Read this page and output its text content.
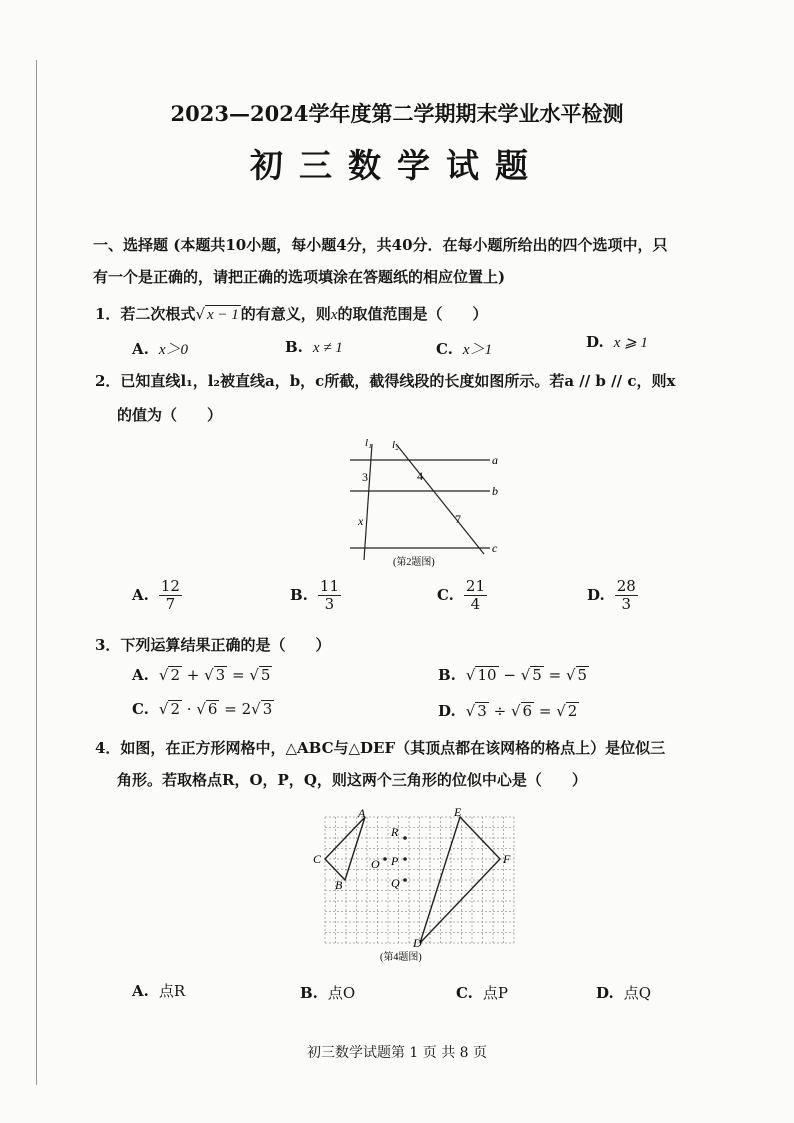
2023—2024学年度第二学期期末学业水平检测
初三数学试题
一、选择题 (本题共10小题，每小题4分，共40分．在每小题所给出的四个选项中，只
有一个是正确的，请把正确的选项填涂在答题纸的相应位置上)
1．若二次根式√ x − 1 的有意义，则x的取值范围是（　　）
A. x＞0	B. x ≠ 1	C. x＞1	D. x ⩾ 1
2．已知直线l₁，l₂被直线a，b，c所截，截得线段的长度如图所示。若a // b // c，则x
的值为（　　）
l₁ l₂
a
b
c
3	4
x	7
(第2题图)
A. $\frac{12}{7}$	B. $\frac{11}{3}$	C. $\frac{21}{4}$	D. $\frac{28}{3}$
3．下列运算结果正确的是（　　）
A. √ 2 + √ 3 = √ 5	B. √ 10 − √ 5 = √ 5
C. √ 2 · √ 6 = 2√ 3	D. √ 3 ÷ √ 6 = √ 2
4．如图，在正方形网格中，△ABC与△DEF（其顶点都在该网格的格点上）是位似三
角形。若取格点R，O，P，Q，则这两个三角形的位似中心是（　　）
A
C
B
E
F
D
R
O P
Q
(第4题图)
A. 点R	B. 点O	C. 点P	D. 点Q
初三数学试题第 1 页 共 8 页
